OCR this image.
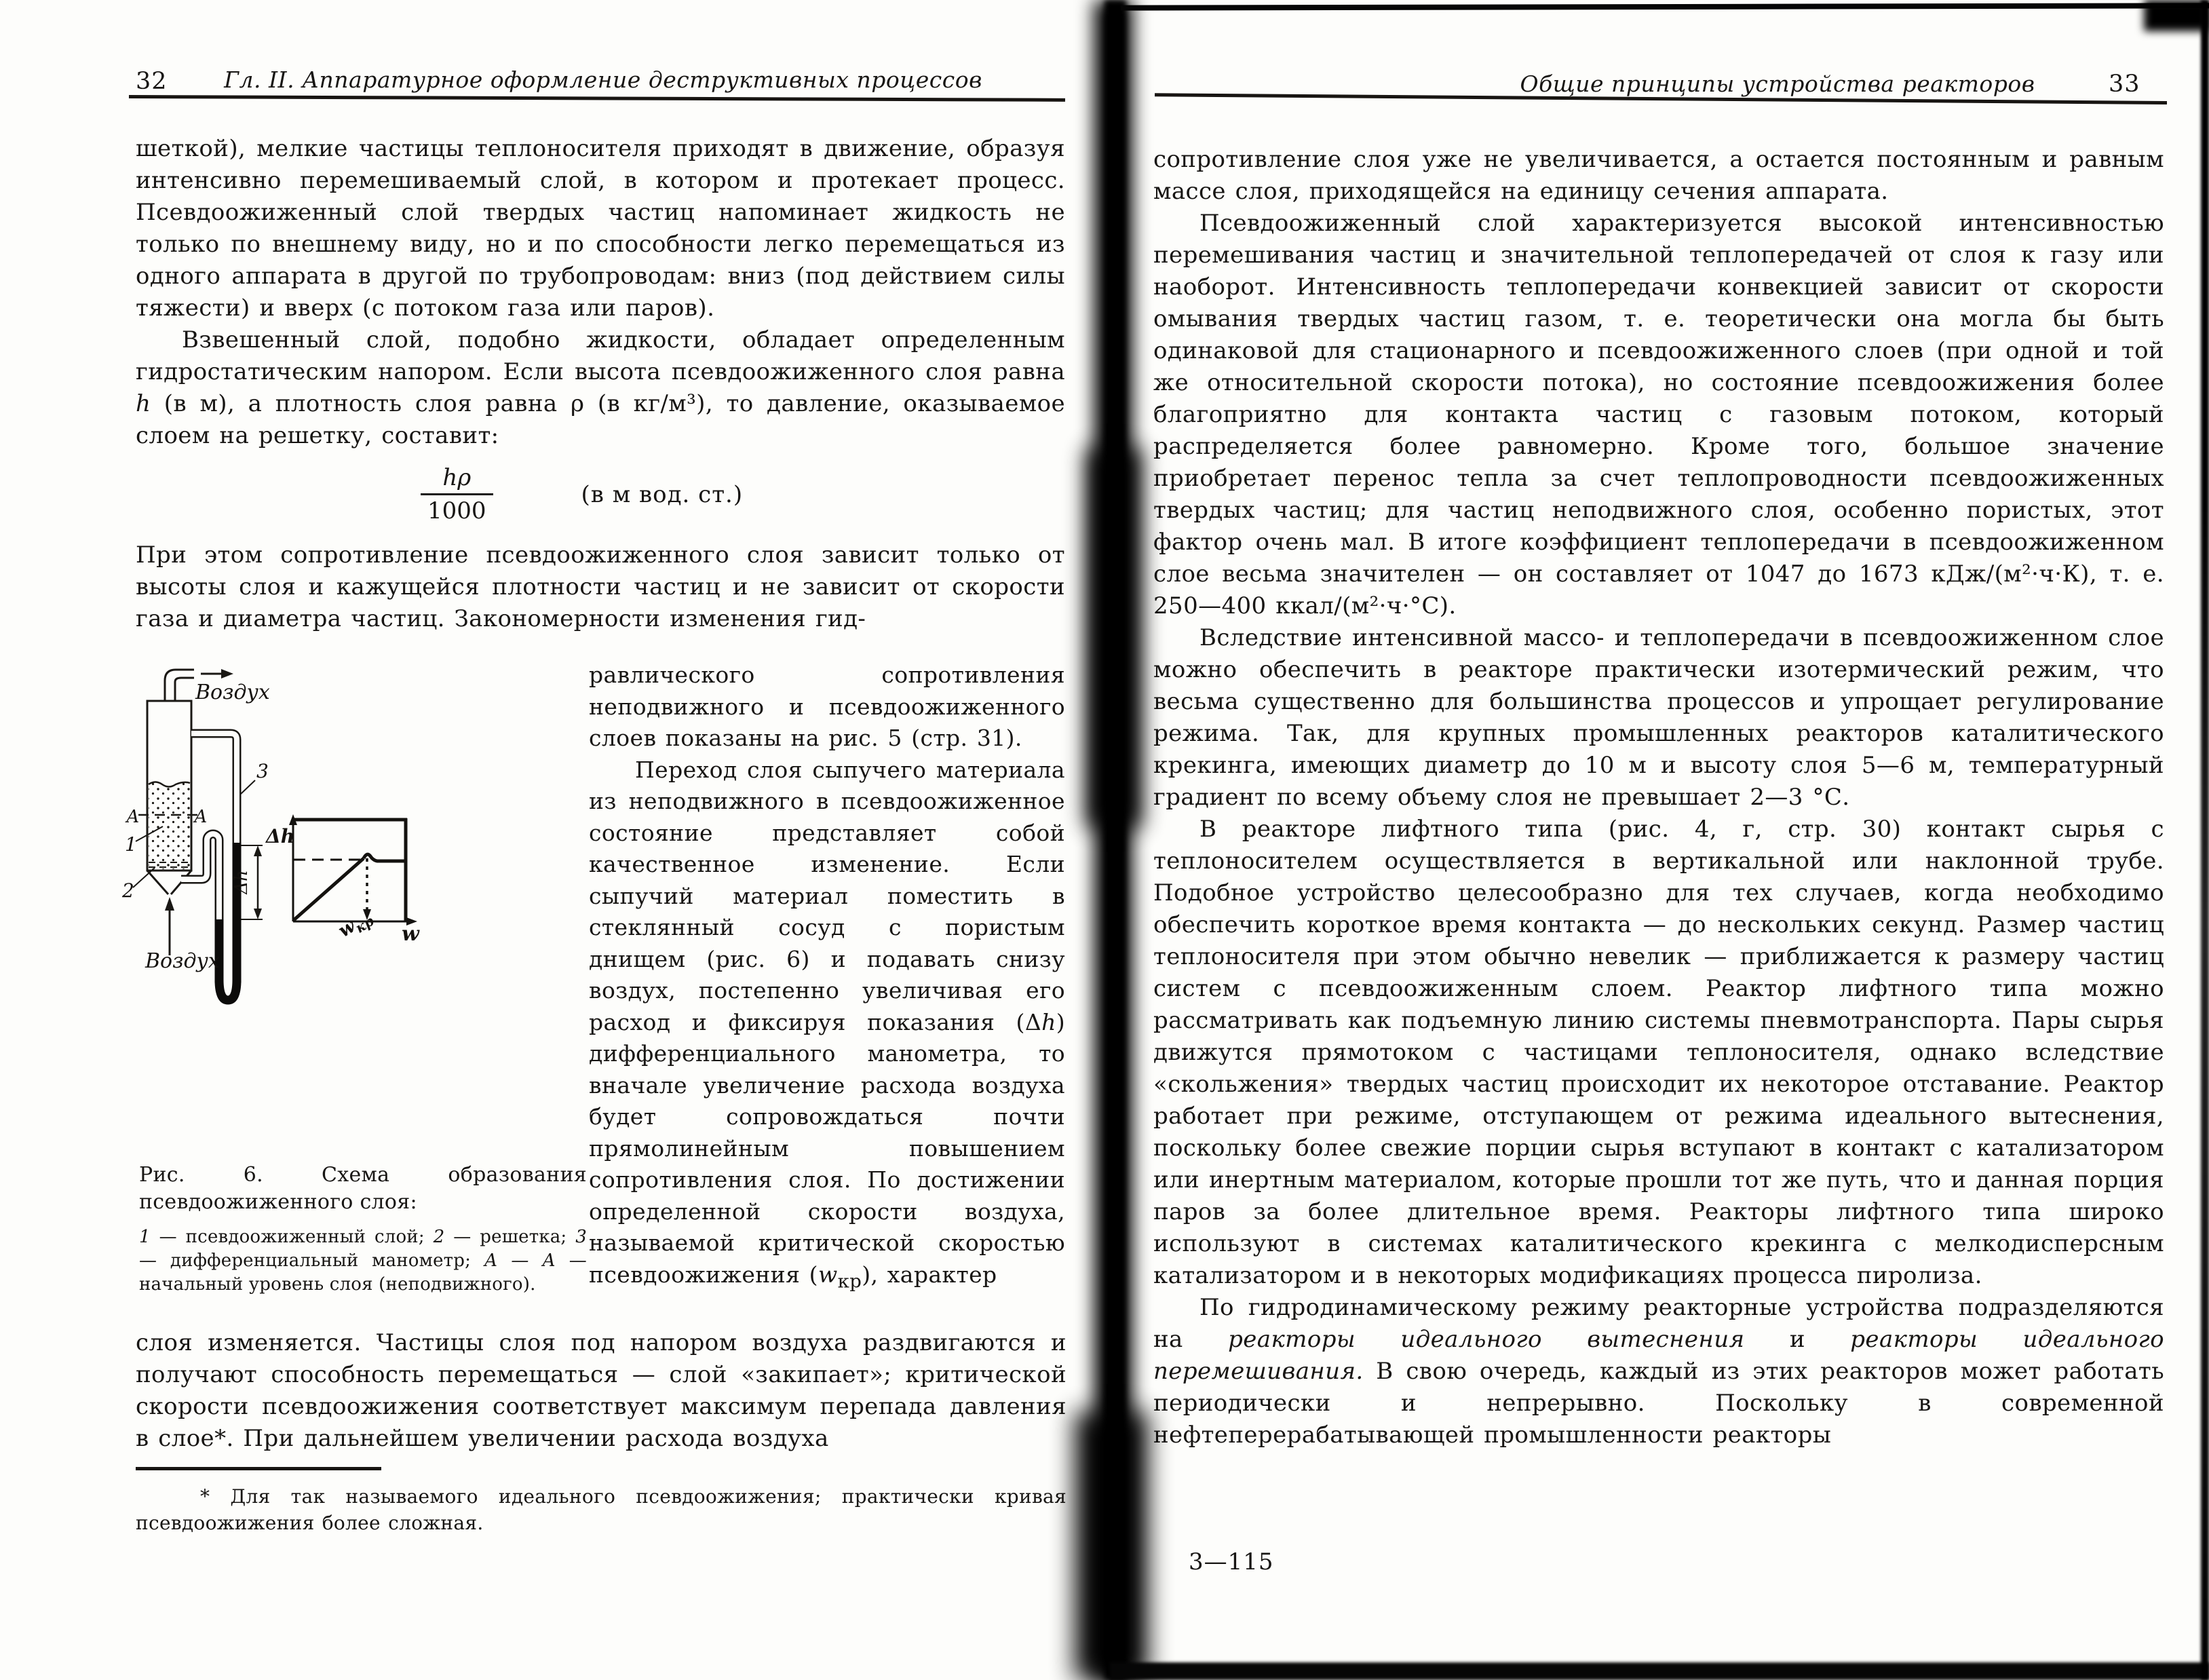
32	Гл. II. Аппаратурное оформление деструктивных процессов

шеткой), мелкие частицы теплоносителя приходят в движение, образуя интенсивно перемешиваемый слой, в котором и протекает процесс. Псевдоожиженный слой твердых частиц напоминает жидкость не только по внешнему виду, но и по способности легко перемещаться из одного аппарата в другой по трубопроводам: вниз (под действием силы тяжести) и вверх (с потоком газа или паров).

Взвешенный слой, подобно жидкости, обладает определенным гидростатическим напором. Если высота псевдоожиженного слоя равна h (в м), а плотность слоя равна ρ (в кг/м³), то давление, оказываемое слоем на решетку, составит:

$\frac{h\rho}{1000}$	(в м вод. ст.)

При этом сопротивление псевдоожиженного слоя зависит только от высоты слоя и кажущейся плотности частиц и не зависит от скорости газа и диаметра частиц. Закономерности изменения гид-

Воздух
Воздух
А	А
1
2
3
Δh
Δh
w
$w_{кр}$

Рис. 6. Схема образования псевдоожиженного слоя:

1 — псевдоожиженный слой; 2 — решетка; 3 — дифференциальный манометр; А — А — начальный уровень слоя (неподвижного).

равлического сопротивления неподвижного и псевдоожиженного слоев показаны на рис. 5 (стр. 31).

Переход слоя сыпучего материала из неподвижного в псевдоожиженное состояние представляет собой качественное изменение. Если сыпучий материал поместить в стеклянный сосуд с пористым днищем (рис. 6) и подавать снизу воздух, постепенно увеличивая его расход и фиксируя показания (Δh) дифференциального манометра, то вначале увеличение расхода воздуха будет сопровождаться почти прямолинейным повышением сопротивления слоя. По достижении определенной скорости воздуха, называемой критической скоростью псевдоожижения $(w_{кр})$, характер

слоя изменяется. Частицы слоя под напором воздуха раздвигаются и получают способность перемещаться — слой «закипает»; критической скорости псевдоожижения соответствует максимум перепада давления в слое*. При дальнейшем увеличении расхода воздуха

* Для так называемого идеального псевдоожижения; практически кривая псевдоожижения более сложная.

Общие принципы устройства реакторов	33

сопротивление слоя уже не увеличивается, а остается постоянным и равным массе слоя, приходящейся на единицу сечения аппарата.

Псевдоожиженный слой характеризуется высокой интенсивностью перемешивания частиц и значительной теплопередачей от слоя к газу или наоборот. Интенсивность теплопередачи конвекцией зависит от скорости омывания твердых частиц газом, т. е. теоретически она могла бы быть одинаковой для стационарного и псевдоожиженного слоев (при одной и той же относительной скорости потока), но состояние псевдоожижения более благоприятно для контакта частиц с газовым потоком, который распределяется более равномерно. Кроме того, большое значение приобретает перенос тепла за счет теплопроводности псевдоожиженных твердых частиц; для частиц неподвижного слоя, особенно пористых, этот фактор очень мал. В итоге коэффициент теплопередачи в псевдоожиженном слое весьма значителен — он составляет от 1047 до 1673 кДж/(м²·ч·К), т. е. 250—400 ккал/(м²·ч·°С).

Вследствие интенсивной массо- и теплопередачи в псевдоожиженном слое можно обеспечить в реакторе практически изотермический режим, что весьма существенно для большинства процессов и упрощает регулирование режима. Так, для крупных промышленных реакторов каталитического крекинга, имеющих диаметр до 10 м и высоту слоя 5—6 м, температурный градиент по всему объему слоя не превышает 2—3 °С.

В реакторе лифтного типа (рис. 4, г, стр. 30) контакт сырья с теплоносителем осуществляется в вертикальной или наклонной трубе. Подобное устройство целесообразно для тех случаев, когда необходимо обеспечить короткое время контакта — до нескольких секунд. Размер частиц теплоносителя при этом обычно невелик — приближается к размеру частиц систем с псевдоожиженным слоем. Реактор лифтного типа можно рассматривать как подъемную линию системы пневмотранспорта. Пары сырья движутся прямотоком с частицами теплоносителя, однако вследствие «скольжения» твердых частиц происходит их некоторое отставание. Реактор работает при режиме, отступающем от режима идеального вытеснения, поскольку более свежие порции сырья вступают в контакт с катализатором или инертным материалом, которые прошли тот же путь, что и данная порция паров за более длительное время. Реакторы лифтного типа широко используют в системах каталитического крекинга с мелкодисперсным катализатором и в некоторых модификациях процесса пиролиза.

По гидродинамическому режиму реакторные устройства подразделяются на реакторы идеального вытеснения и реакторы идеального перемешивания. В свою очередь, каждый из этих реакторов может работать периодически и непрерывно. Поскольку в современной нефтеперерабатывающей промышленности реакторы

3—115
